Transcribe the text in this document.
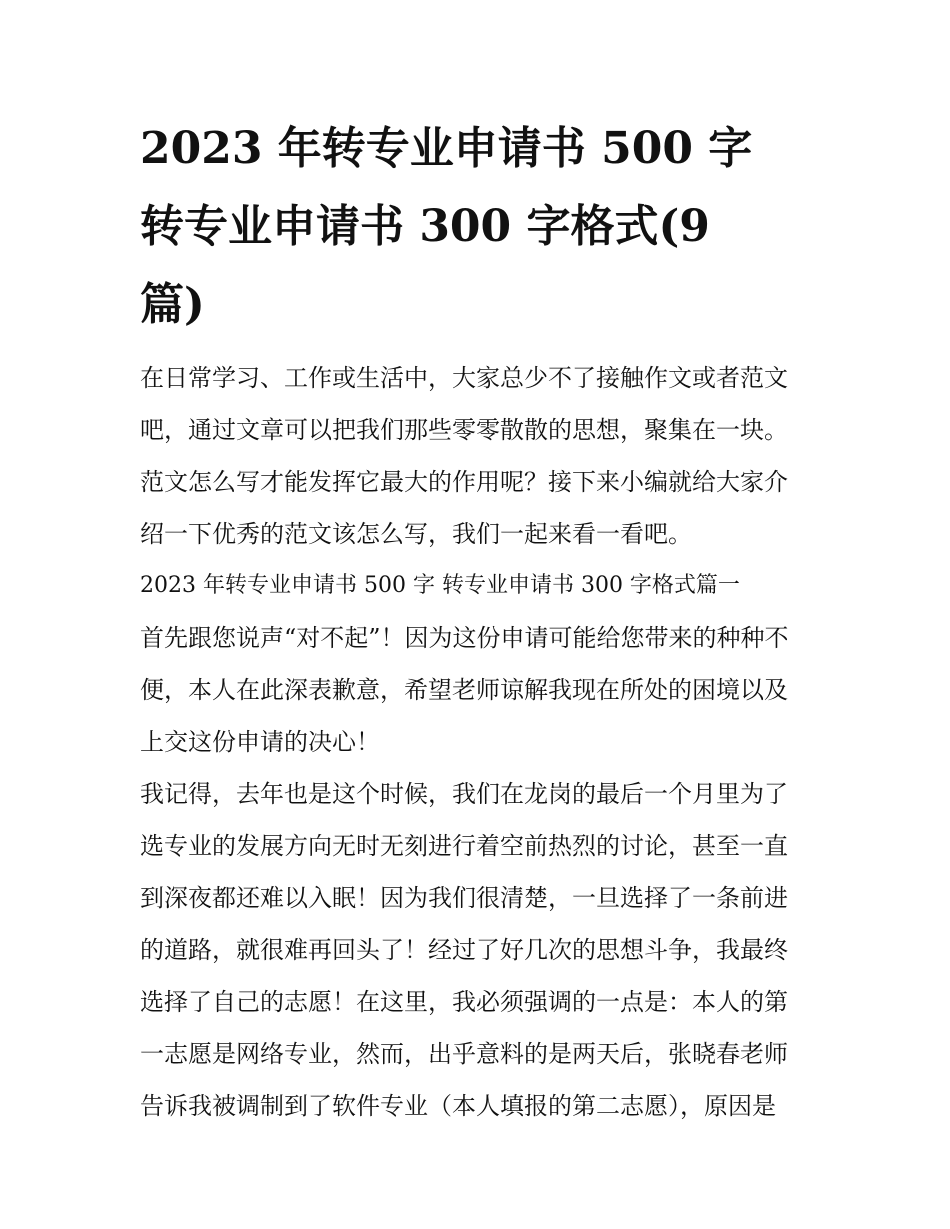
2023 年转专业申请书 500 字
转专业申请书 300 字格式(9
篇)
在日常学习、工作或生活中，大家总少不了接触作文或者范文
吧，通过文章可以把我们那些零零散散的思想，聚集在一块。
范文怎么写才能发挥它最大的作用呢？接下来小编就给大家介
绍一下优秀的范文该怎么写，我们一起来看一看吧。
2023 年转专业申请书 500 字 转专业申请书 300 字格式篇一
首先跟您说声“对不起”！因为这份申请可能给您带来的种种不
便，本人在此深表歉意，希望老师谅解我现在所处的困境以及
上交这份申请的决心！
我记得，去年也是这个时候，我们在龙岗的最后一个月里为了
选专业的发展方向无时无刻进行着空前热烈的讨论，甚至一直
到深夜都还难以入眠！因为我们很清楚，一旦选择了一条前进
的道路，就很难再回头了！经过了好几次的思想斗争，我最终
选择了自己的志愿！在这里，我必须强调的一点是：本人的第
一志愿是网络专业，然而，出乎意料的是两天后，张晓春老师
告诉我被调制到了软件专业（本人填报的第二志愿），原因是
